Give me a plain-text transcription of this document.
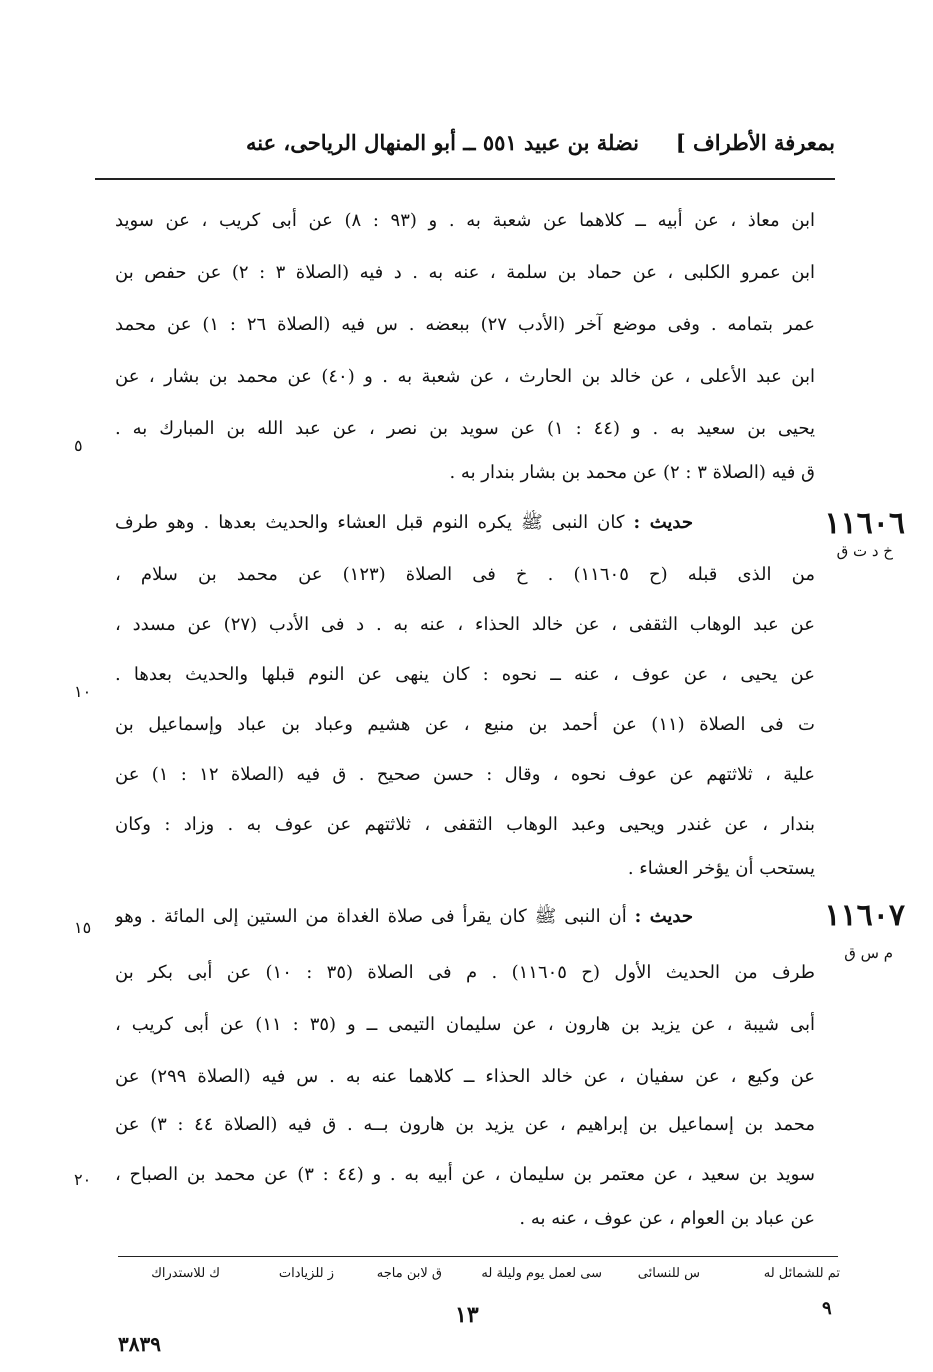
بمعرفة الأطراف ]
نضلة بن عبيد ٥٥١ ــ أبو المنهال الرياحى، عنه
ابن معاذ ، عن أبيه ــ كلاهما عن شعبة به . و (٩٣ : ٨) عن أبى كريب ، عن سويد
ابن عمرو الكلبى ، عن حماد بن سلمة ، عنه به . د فيه (الصلاة ٣ : ٢) عن حفص بن
عمر بتمامه . وفى موضع آخر (الأدب ٢٧) ببعضه . س فيه (الصلاة ٢٦ : ١) عن محمد
ابن عبد الأعلى ، عن خالد بن الحارث ، عن شعبة به . و (٤٠) عن محمد بن بشار ، عن
يحيى بن سعيد به . و (٤٤ : ١) عن سويد بن نصر ، عن عبد الله بن المبارك به .
ق فيه (الصلاة ٣ : ٢) عن محمد بن بشار بندار به .
٥
١١٦٠٦
خ د ت ق
حديث : كان النبى ﷺ يكره النوم قبل العشاء والحديث بعدها . وهو طرف
من الذى قبله (ح ١١٦٠٥) . خ فى الصلاة (١٢٣) عن محمد بن سلام ،
عن عبد الوهاب الثقفى ، عن خالد الحذاء ، عنه به . د فى الأدب (٢٧) عن مسدد ،
عن يحيى ، عن عوف ، عنه ــ نحوه : كان ينهى عن النوم قبلها والحديث بعدها .
ت فى الصلاة (١١) عن أحمد بن منيع ، عن هشيم وعباد بن عباد وإسماعيل بن
علية ، ثلاثتهم عن عوف نحوه ، وقال : حسن صحيح . ق فيه (الصلاة ١٢ : ١) عن
بندار ، عن غندر ويحيى وعبد الوهاب الثقفى ، ثلاثتهم عن عوف به . وزاد : وكان
يستحب أن يؤخر العشاء .
١٠
١١٦٠٧
م س ق
حديث : أن النبى ﷺ كان يقرأ فى صلاة الغداة من الستين إلى المائة . وهو
طرف من الحديث الأول (ح ١١٦٠٥) . م فى الصلاة (٣٥ : ١٠) عن أبى بكر بن
أبى شيبة ، عن يزيد بن هارون ، عن سليمان التيمى ــ و (٣٥ : ١١) عن أبى كريب ،
عن وكيع ، عن سفيان ، عن خالد الحذاء ــ كلاهما عنه به . س فيه (الصلاة ٢٩٩) عن
محمد بن إسماعيل بن إبراهيم ، عن يزيد بن هارون بــه . ق فيه (الصلاة ٤٤ : ٣) عن
سويد بن سعيد ، عن معتمر بن سليمان ، عن أبيه به . و (٤٤ : ٣) عن محمد بن الصباح ،
عن عباد بن العوام ، عن عوف ، عنه به .
١٥
٢٠
تم للشمائل له
س للنسائى
سى لعمل يوم وليلة له
ق لابن ماجه
ز للزيادات
ك للاستدراك
١٣	٩
٣٨٣٩
